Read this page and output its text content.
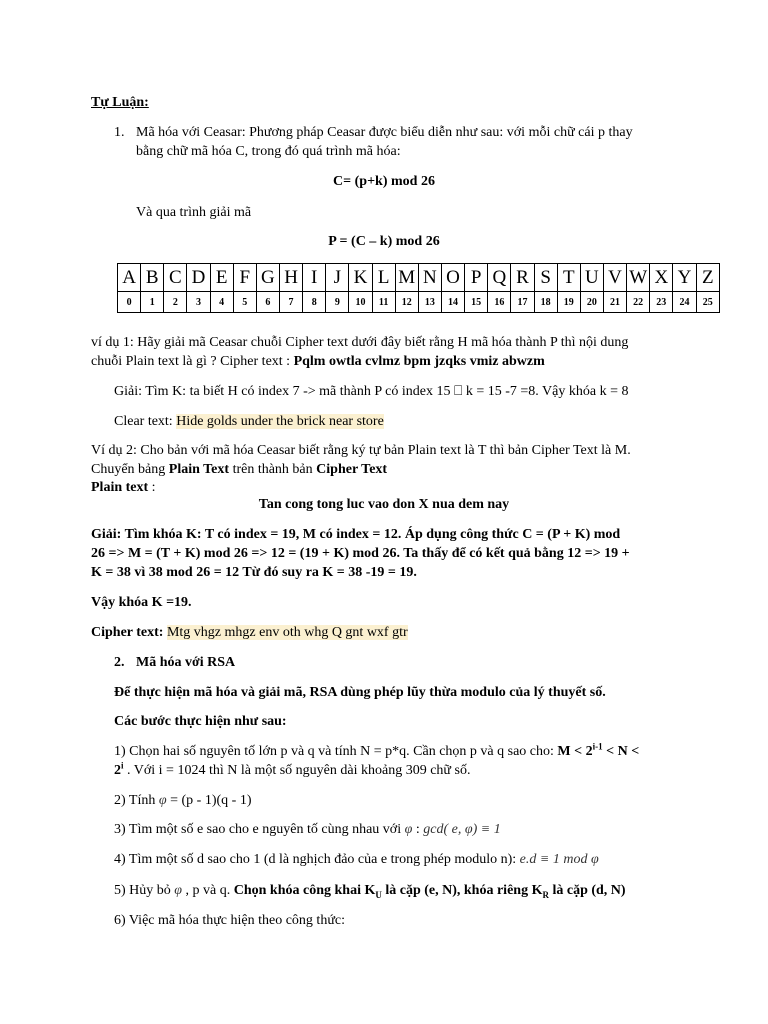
Tự Luận:
1. Mã hóa với Ceasar: Phương pháp Ceasar được biểu diễn như sau: với mỗi chữ cái p thay
bằng chữ mã hóa C, trong đó quá trình mã hóa:
C= (p+k) mod 26
Và qua trình giải mã
P = (C – k) mod 26
A	B	C	D	E	F	G	H	I	J	K	L	M	N	O	P	Q	R	S	T	U	V	W	X	Y	Z
0	1	2	3	4	5	6	7	8	9	10	11	12	13	14	15	16	17	18	19	20	21	22	23	24	25
ví dụ 1: Hãy giải mã Ceasar chuỗi Cipher text dưới đây biết rằng H mã hóa thành P thì nội dung
chuỗi Plain text là gì ? Cipher text : Pqlm owtla cvlmz bpm jzqks vmiz abwzm
Giải: Tìm K: ta biết H có index 7 -> mã thành P có index 15 ⎕ k = 15 -7 =8. Vậy khóa k = 8
Clear text: Hide golds under the brick near store
Ví dụ 2: Cho bản với mã hóa Ceasar biết rằng ký tự bản Plain text là T thì bản Cipher Text là M.
Chuyển bảng Plain Text trên thành bản Cipher Text
Plain text :
Tan cong tong luc vao don X nua dem nay
Giải: Tìm khóa K: T có index = 19, M có index = 12. Áp dụng công thức C = (P + K) mod
26 => M = (T + K) mod 26 => 12 = (19 + K) mod 26. Ta thấy để có kết quả bằng 12 => 19 +
K = 38 vì 38 mod 26 = 12 Từ đó suy ra K = 38 -19 = 19.
Vậy khóa K =19.
Cipher text: Mtg vhgz mhgz env oth whg Q gnt wxf gtr
2. Mã hóa với RSA
Để thực hiện mã hóa và giải mã, RSA dùng phép lũy thừa modulo của lý thuyết số.
Các bước thực hiện như sau:
1) Chọn hai số nguyên tố lớn p và q và tính N = p*q. Cần chọn p và q sao cho: $M < 2^{i-1} < N$ <
$2^i$ . Với i = 1024 thì N là một số nguyên dài khoảng 309 chữ số.
2) Tính φ = (p - 1)(q - 1)
3) Tìm một số e sao cho e nguyên tố cùng nhau với φ : gcd( e, φ) ≡ 1
4) Tìm một số d sao cho 1 (d là nghịch đảo của e trong phép modulo n): e.d ≡ 1 mod φ
5) Hủy bỏ φ , p và q. Chọn khóa công khai $K_U$ là cặp (e, N), khóa riêng $K_R$ là cặp (d, N)
6) Việc mã hóa thực hiện theo công thức:
